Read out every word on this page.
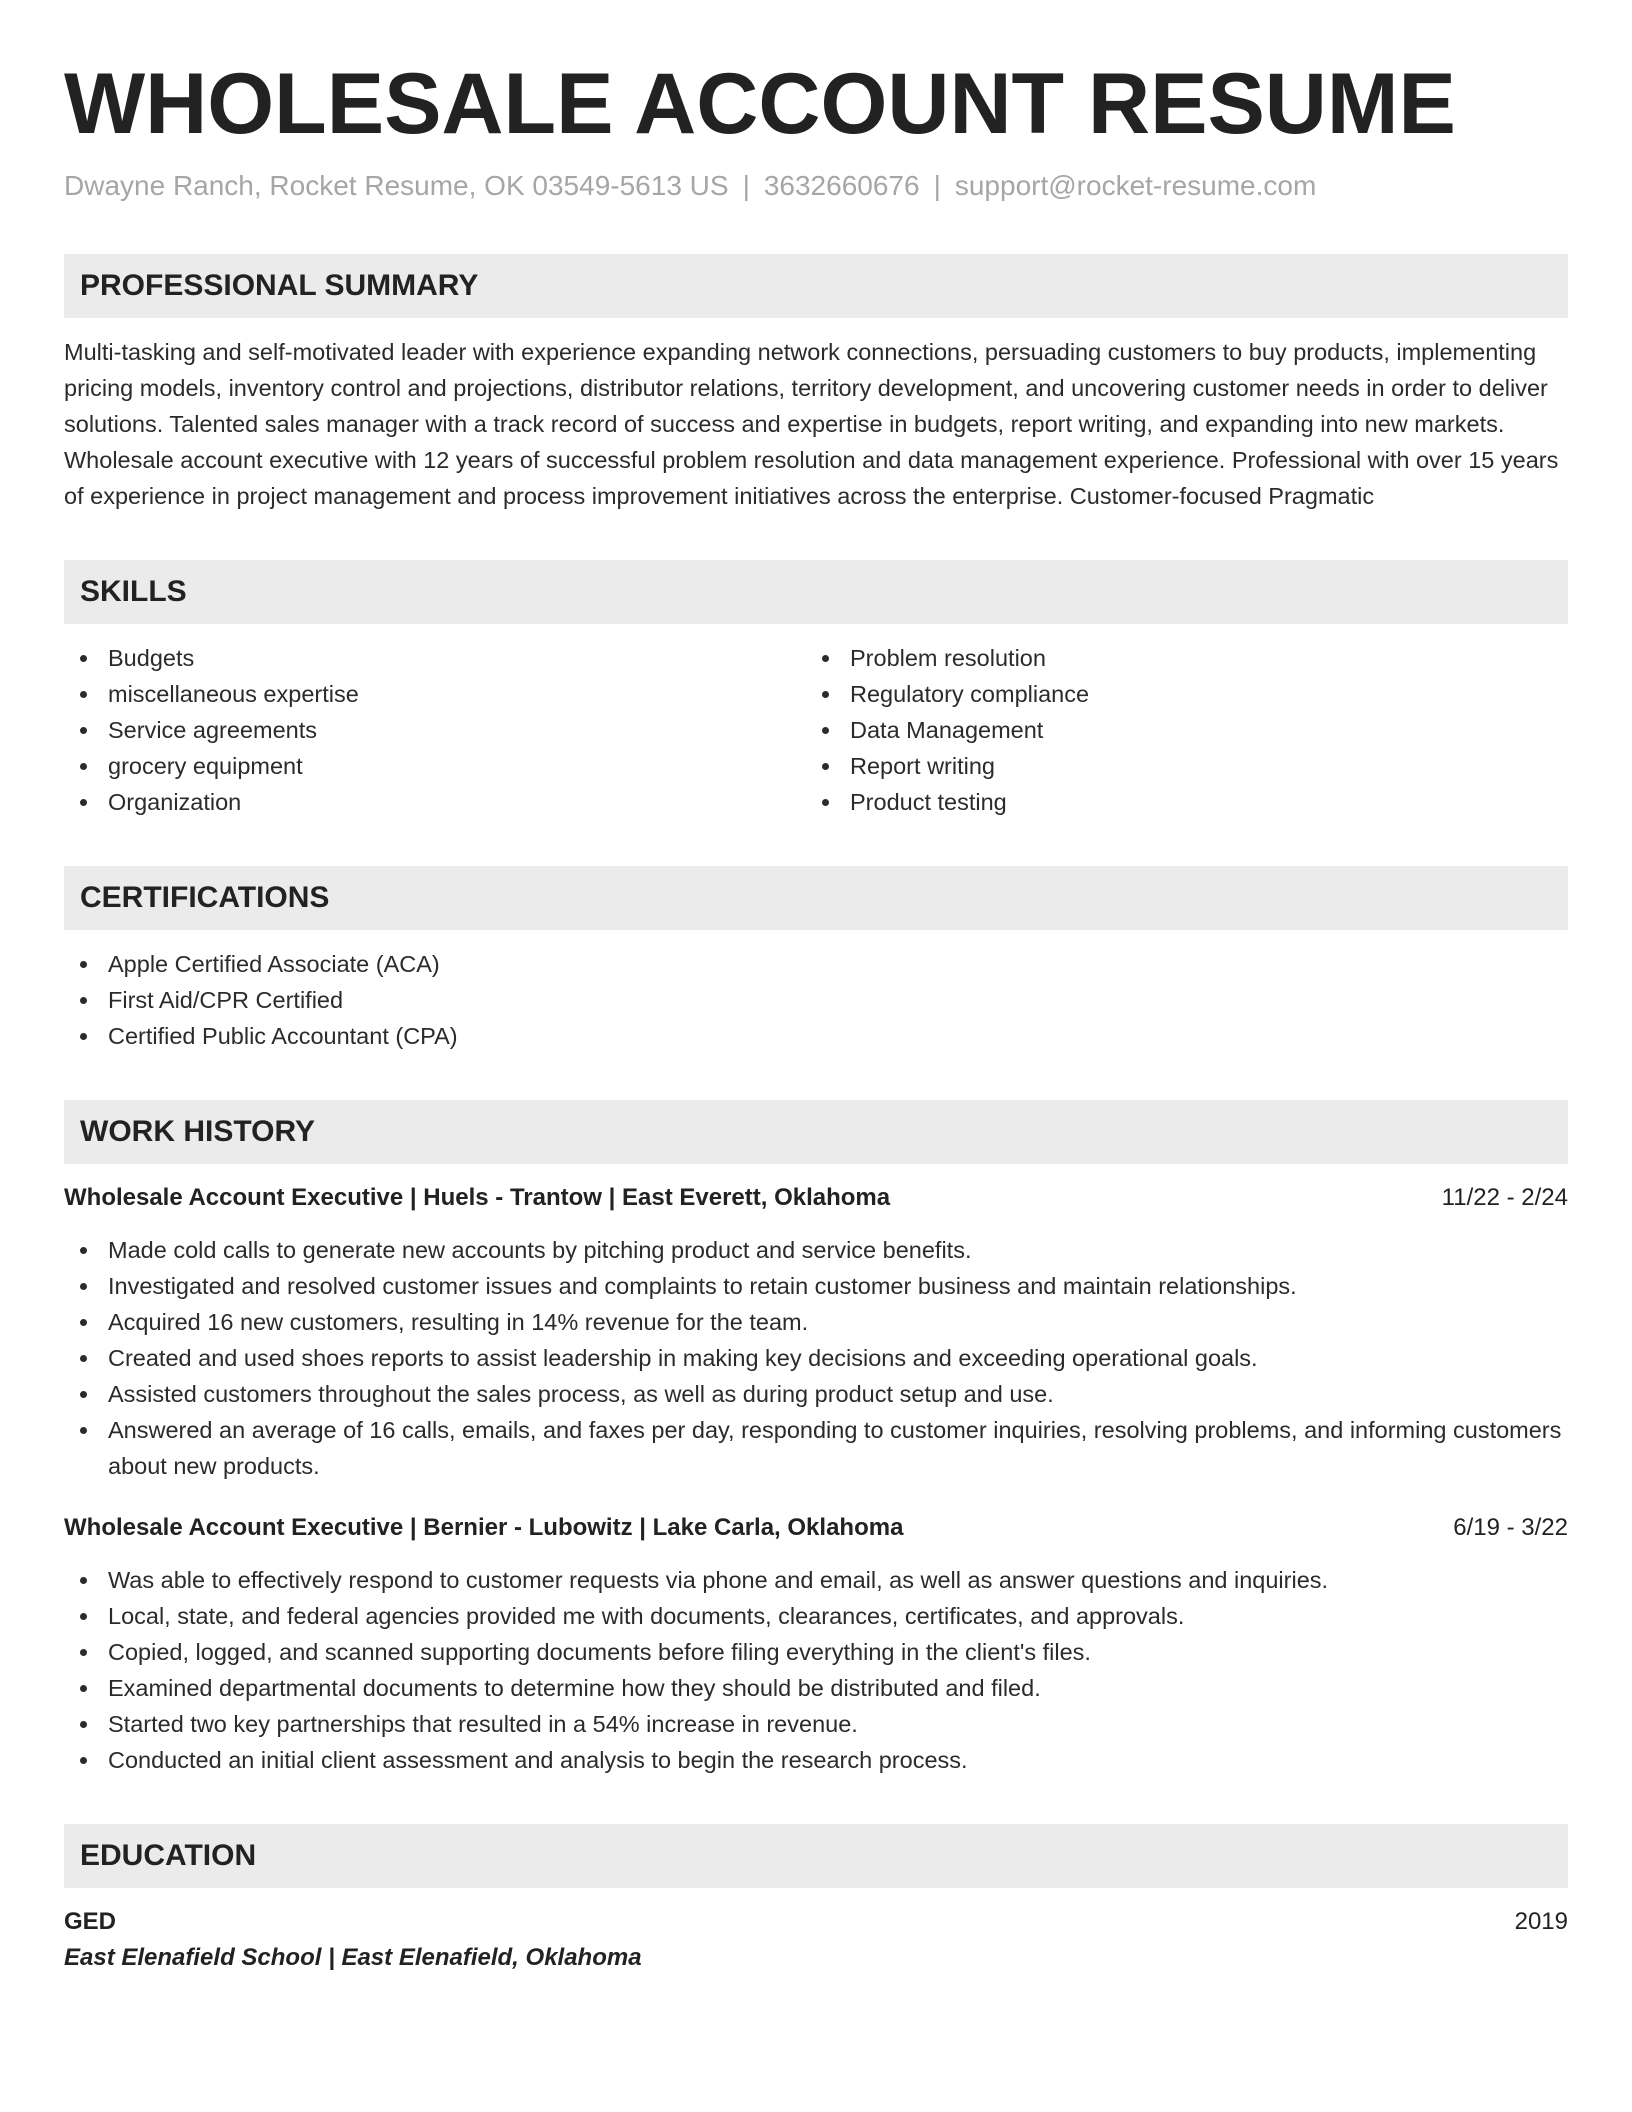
WHOLESALE ACCOUNT RESUME
Dwayne Ranch, Rocket Resume, OK 03549-5613 US | 3632660676 | support@rocket-resume.com
PROFESSIONAL SUMMARY
Multi-tasking and self-motivated leader with experience expanding network connections, persuading customers to buy products, implementing pricing models, inventory control and projections, distributor relations, territory development, and uncovering customer needs in order to deliver solutions. Talented sales manager with a track record of success and expertise in budgets, report writing, and expanding into new markets. Wholesale account executive with 12 years of successful problem resolution and data management experience. Professional with over 15 years of experience in project management and process improvement initiatives across the enterprise. Customer-focused Pragmatic
SKILLS
Budgets
miscellaneous expertise
Service agreements
grocery equipment
Organization
Problem resolution
Regulatory compliance
Data Management
Report writing
Product testing
CERTIFICATIONS
Apple Certified Associate (ACA)
First Aid/CPR Certified
Certified Public Accountant (CPA)
WORK HISTORY
Wholesale Account Executive | Huels - Trantow | East Everett, Oklahoma	11/22 - 2/24
Made cold calls to generate new accounts by pitching product and service benefits.
Investigated and resolved customer issues and complaints to retain customer business and maintain relationships.
Acquired 16 new customers, resulting in 14% revenue for the team.
Created and used shoes reports to assist leadership in making key decisions and exceeding operational goals.
Assisted customers throughout the sales process, as well as during product setup and use.
Answered an average of 16 calls, emails, and faxes per day, responding to customer inquiries, resolving problems, and informing customers about new products.
Wholesale Account Executive | Bernier - Lubowitz | Lake Carla, Oklahoma	6/19 - 3/22
Was able to effectively respond to customer requests via phone and email, as well as answer questions and inquiries.
Local, state, and federal agencies provided me with documents, clearances, certificates, and approvals.
Copied, logged, and scanned supporting documents before filing everything in the client's files.
Examined departmental documents to determine how they should be distributed and filed.
Started two key partnerships that resulted in a 54% increase in revenue.
Conducted an initial client assessment and analysis to begin the research process.
EDUCATION
GED	2019
East Elenafield School | East Elenafield, Oklahoma
